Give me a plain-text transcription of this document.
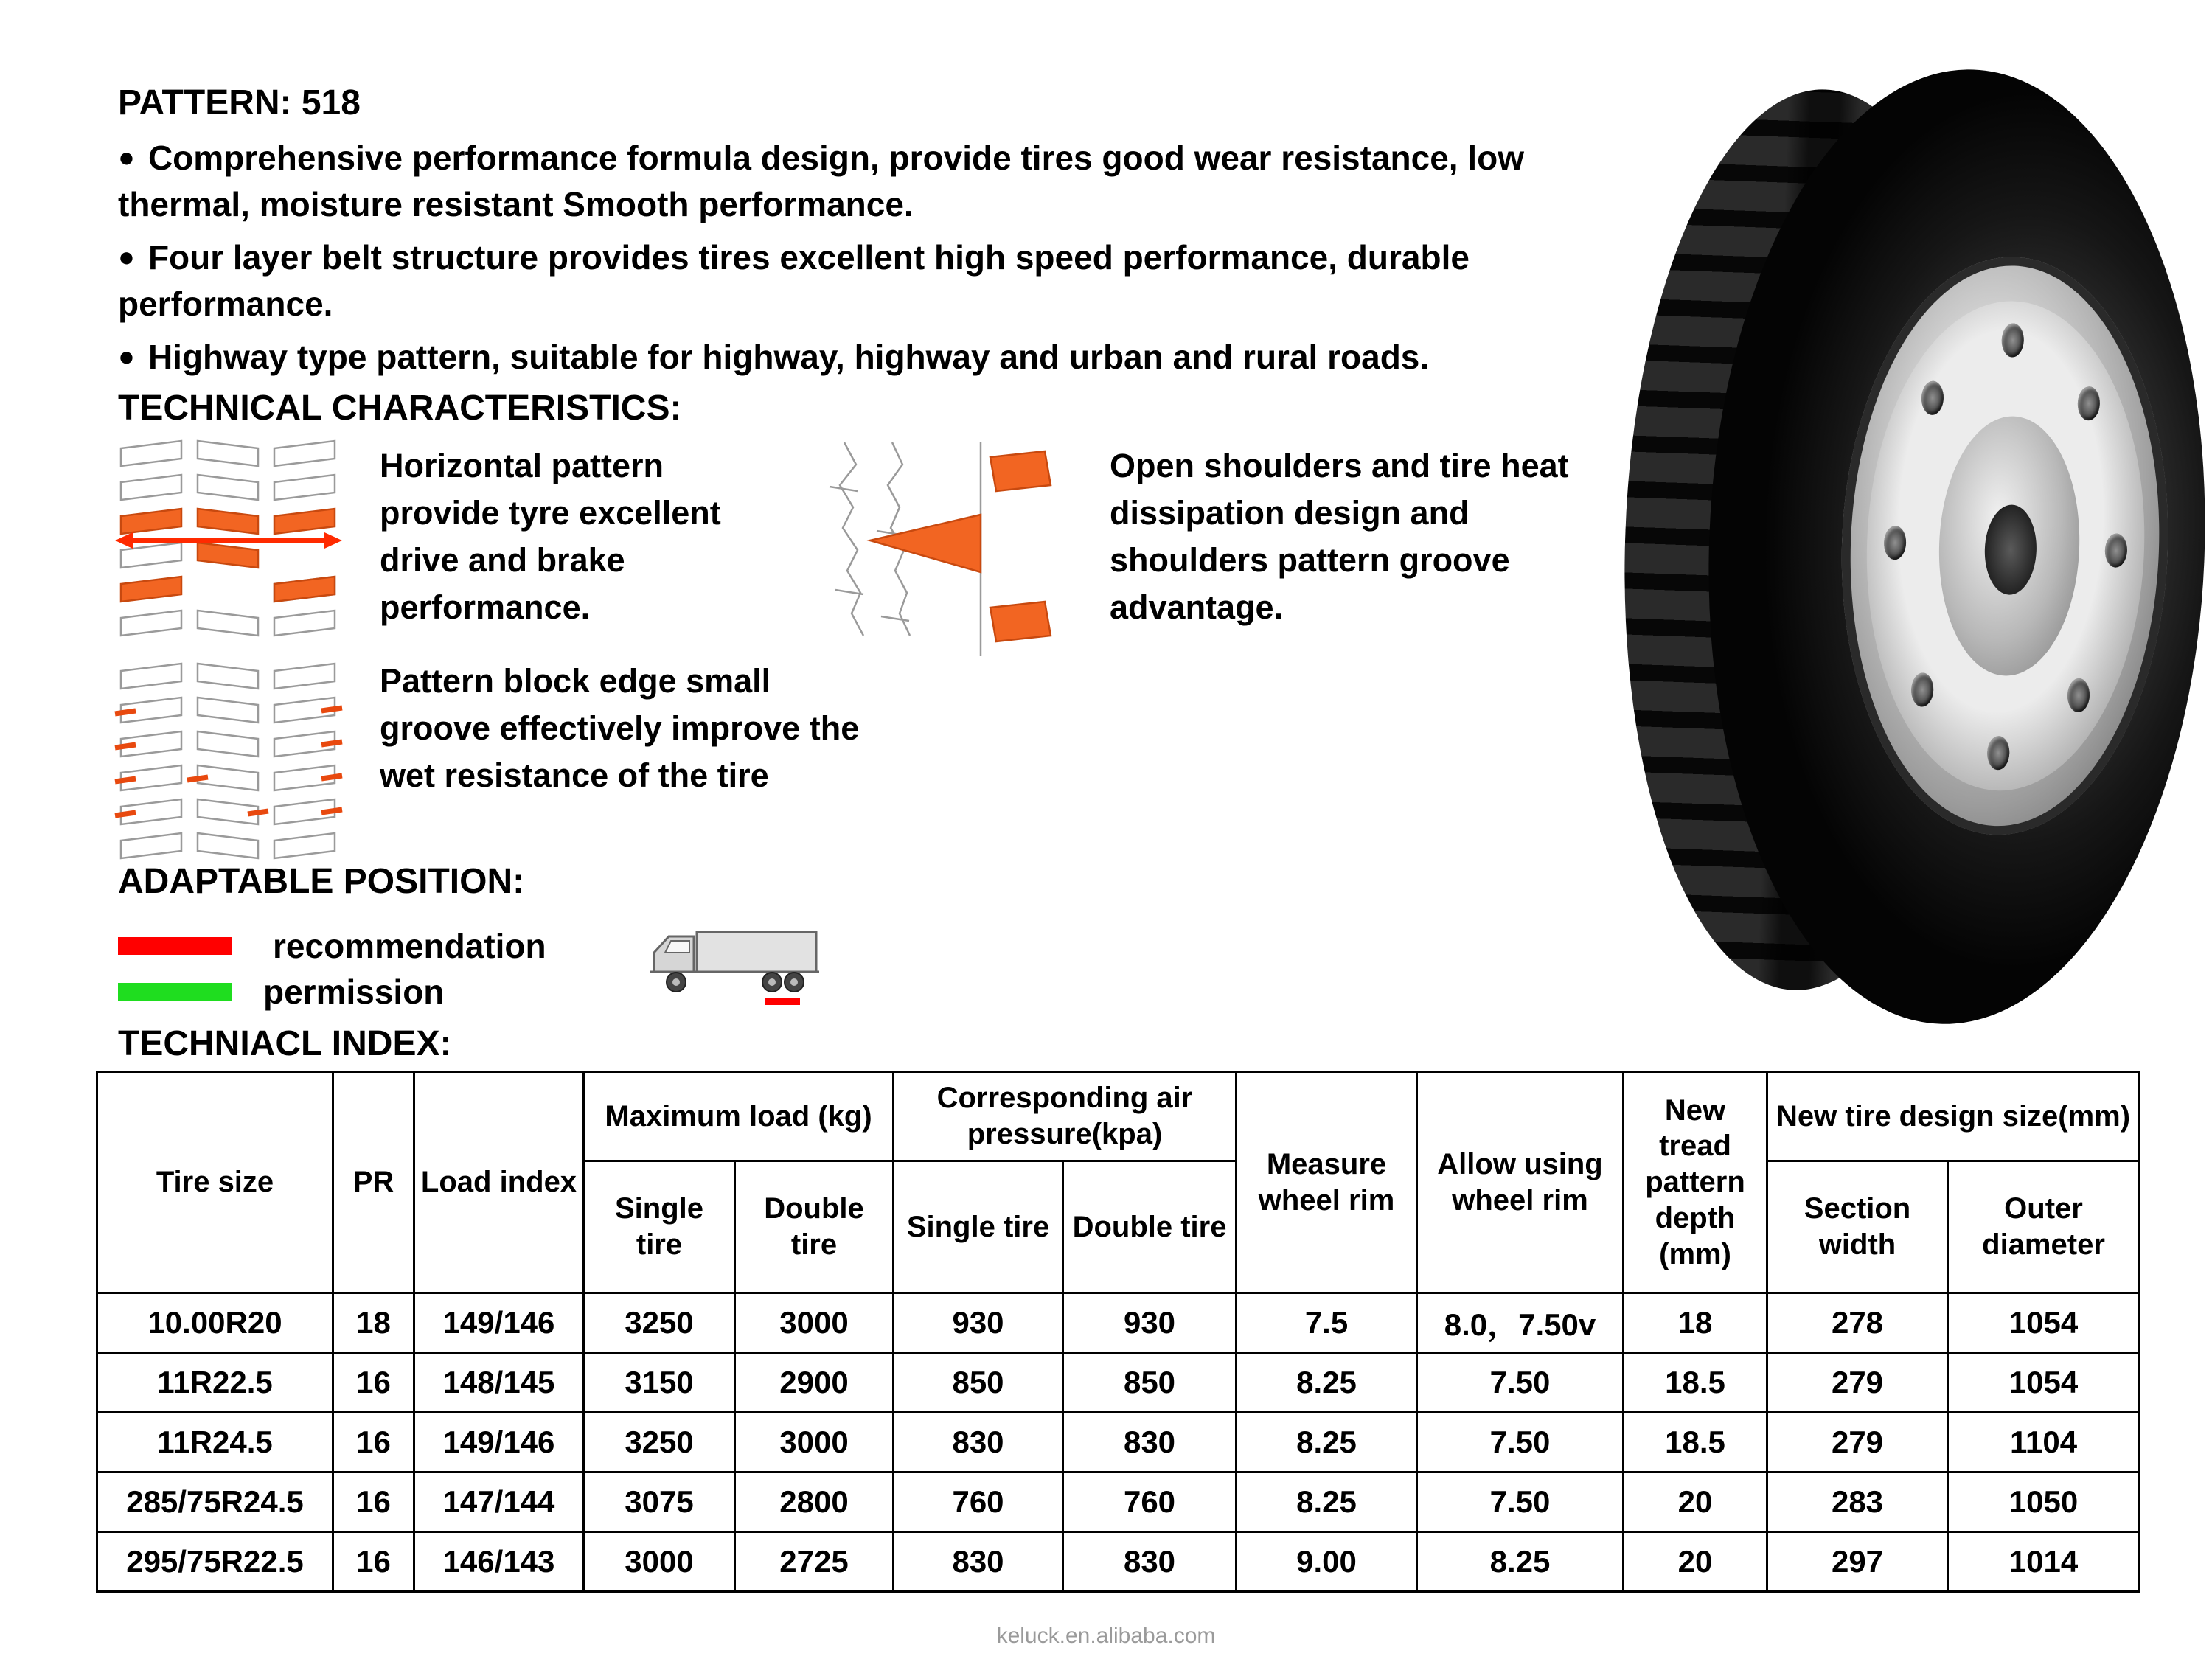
PATTERN: 518

● Comprehensive performance formula design, provide tires good wear resistance, low thermal, moisture resistant Smooth performance.

● Four layer belt structure provides tires excellent high speed performance, durable performance.

● Highway type pattern, suitable for highway, highway and urban and rural roads.

TECHNICAL CHARACTERISTICS:
Horizontal pattern provide tyre excellent drive and brake performance.
Open shoulders and tire heat dissipation design and shoulders pattern groove advantage.
Pattern block edge small groove effectively improve the wet resistance of the tire
ADAPTABLE POSITION:
recommendation
permission
TECHNIACL INDEX:
Tire size	PR	Load index	Maximum load (kg)		Corresponding air pressure(kpa)		Measure wheel rim	Allow using wheel rim	New tread pattern depth (mm)	New tire design size(mm)	
			Single tire	Double tire	Single tire	Double tire				Section width	Outer diameter
10.00R20	18	149/146	3250	3000	930	930	7.5	8.0，7.50v	18	278	1054
11R22.5	16	148/145	3150	2900	850	850	8.25	7.50	18.5	279	1054
11R24.5	16	149/146	3250	3000	830	830	8.25	7.50	18.5	279	1104
285/75R24.5	16	147/144	3075	2800	760	760	8.25	7.50	20	283	1050
295/75R22.5	16	146/143	3000	2725	830	830	9.00	8.25	20	297	1014
keluck.en.alibaba.com
